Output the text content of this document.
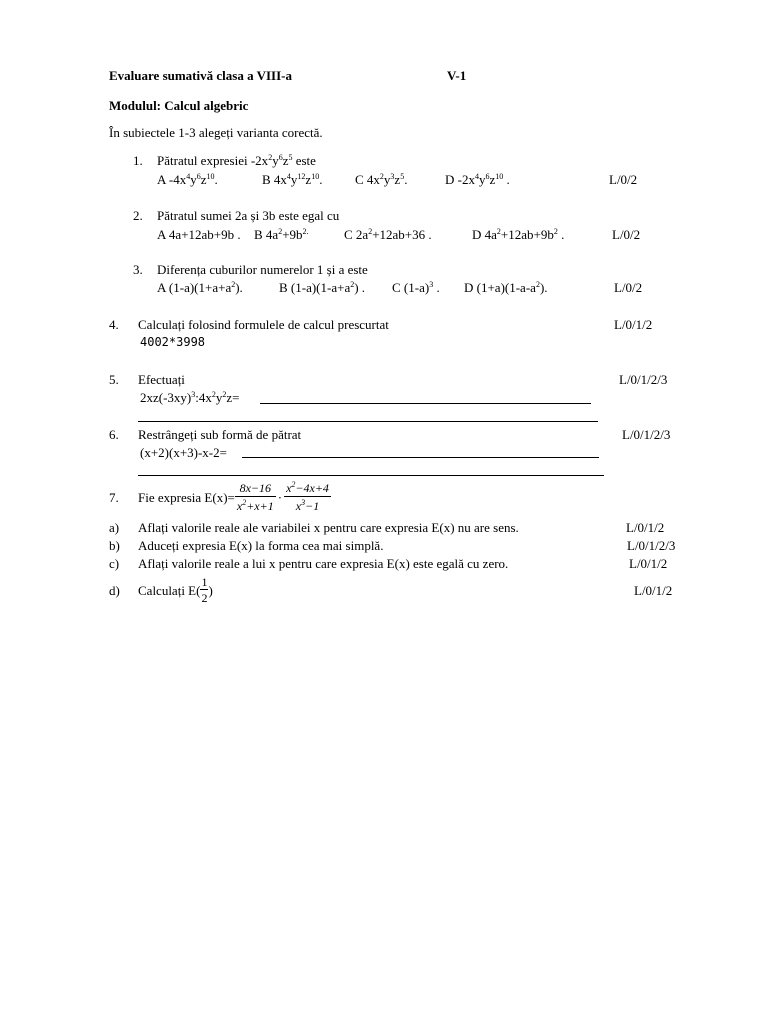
Evaluare sumativă clasa a VIII-a	V-1
Modulul: Calcul algebric
În subiectele 1-3 alegeți varianta corectă.
1. Pătratul expresiei $-2x^2y^6z^5$ este
A $-4x^4y^6z^{10}$.	B $4x^4y^{12}z^{10}$.	C $4x^2y^3z^5$.	D $-2x^4y^6z^{10}$ .	L/0/2
2. Pătratul sumei 2a și 3b este egal cu
A 4a+12ab+9b . B $4a^2+9b^{2.}$	C $2a^2+12ab+36$ .	D $4a^2+12ab+9b^2$ .	L/0/2
3. Diferența cuburilor numerelor 1 și a este
A $(1-a)(1+a+a^2)$.	B $(1-a)(1-a+a^2)$ . C $(1-a)^3$ . D $(1+a)(1-a-a^2)$.	L/0/2
4. Calculați folosind formulele de calcul prescurtat	L/0/1/2
4002*3998
5. Efectuați	L/0/1/2/3
$2xz(-3xy)^3:4x^2y^2z=$
6. Restrângeți sub formă de pătrat	L/0/1/2/3
(x+2)(x+3)-x-2=
7. Fie expresia $E(x)= \frac{8x-16}{x^2+x+1} \cdot \frac{x^2-4x+4}{x^3-1}$
a) Aflați valorile reale ale variabilei x pentru care expresia E(x) nu are sens.	L/0/1/2
b) Aduceți expresia E(x) la forma cea mai simplă.	L/0/1/2/3
c) Aflați valorile reale a lui x pentru care expresia E(x) este egală cu zero.	L/0/1/2
d) Calculați $E( \frac{1}{2}$ )	L/0/1/2
